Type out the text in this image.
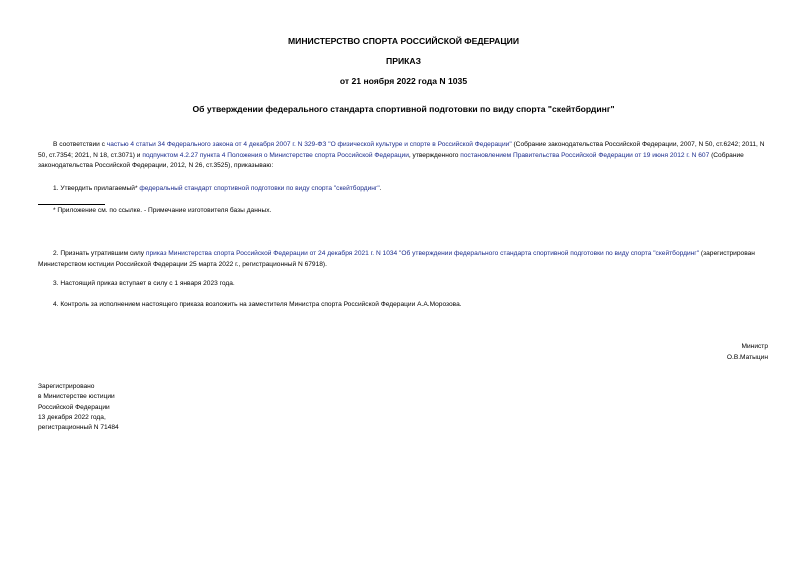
МИНИСТЕРСТВО СПОРТА РОССИЙСКОЙ ФЕДЕРАЦИИ
ПРИКАЗ
от 21 ноября 2022 года N 1035
Об утверждении федерального стандарта спортивной подготовки по виду спорта "скейтбординг"
В соответствии с частью 4 статьи 34 Федерального закона от 4 декабря 2007 г. N 329-ФЗ "О физической культуре и спорте в Российской Федерации" (Собрание законодательства Российской Федерации, 2007, N 50, ст.6242; 2011, N 50, ст.7354; 2021, N 18, ст.3071) и подпунктом 4.2.27 пункта 4 Положения о Министерстве спорта Российской Федерации, утвержденного постановлением Правительства Российской Федерации от 19 июня 2012 г. N 607 (Собрание законодательства Российской Федерации, 2012, N 26, ст.3525), приказываю:
1. Утвердить прилагаемый* федеральный стандарт спортивной подготовки по виду спорта "скейтбординг".
* Приложение см. по ссылке. - Примечание изготовителя базы данных.
2. Признать утратившим силу приказ Министерства спорта Российской Федерации от 24 декабря 2021 г. N 1034 "Об утверждении федерального стандарта спортивной подготовки по виду спорта "скейтбординг" (зарегистрирован Министерством юстиции Российской Федерации 25 марта 2022 г., регистрационный N 67918).
3. Настоящий приказ вступает в силу с 1 января 2023 года.
4. Контроль за исполнением настоящего приказа возложить на заместителя Министра спорта Российской Федерации А.А.Морозова.
Министр
О.В.Матыцин
Зарегистрировано
в Министерстве юстиции
Российской Федерации
13 декабря 2022 года,
регистрационный N 71484
